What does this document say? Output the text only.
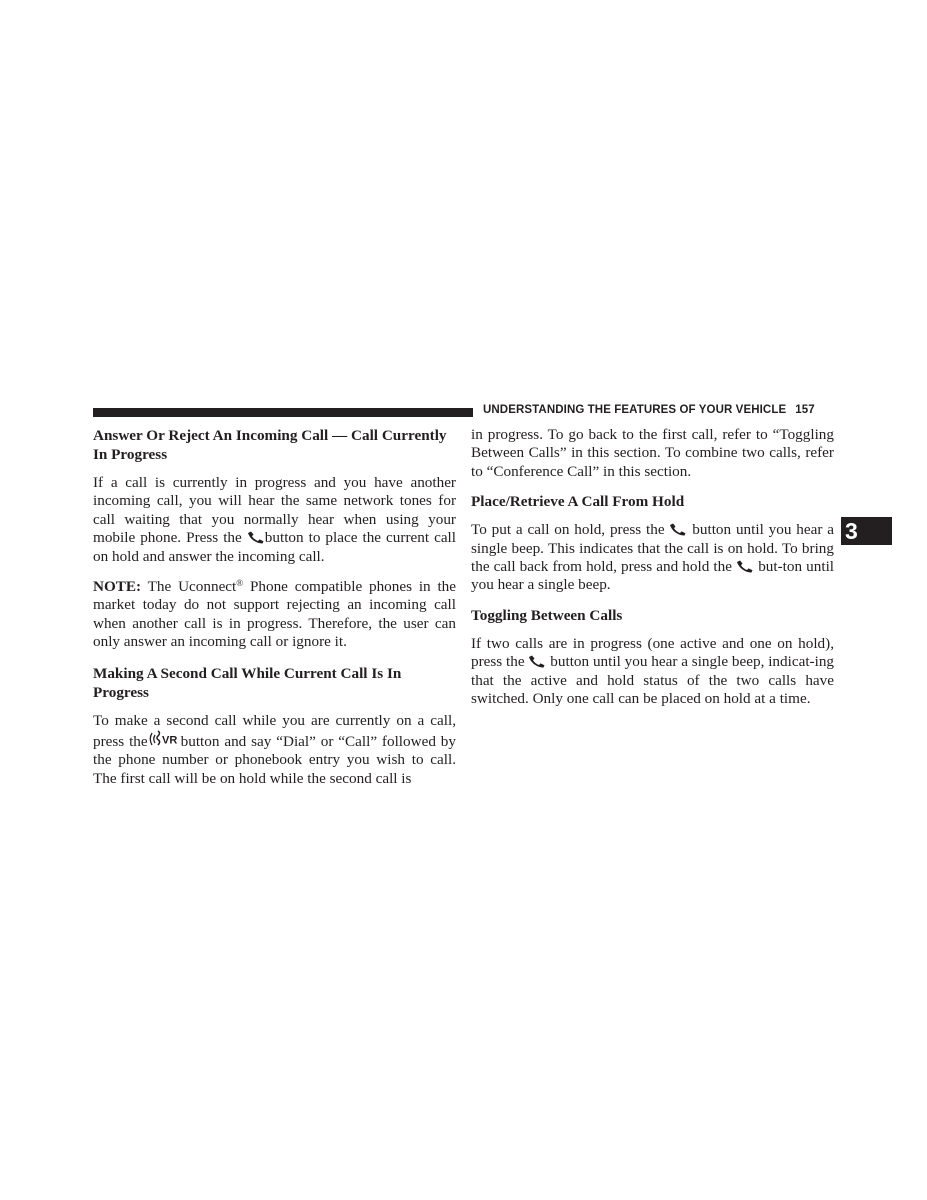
UNDERSTANDING THE FEATURES OF YOUR VEHICLE 157
3
Answer Or Reject An Incoming Call — Call Currently In Progress

If a call is currently in progress and you have another incoming call, you will hear the same network tones for call waiting that you normally hear when using your mobile phone. Press the button to place the current call on hold and answer the incoming call.

NOTE: The Uconnect® Phone compatible phones in the market today do not support rejecting an incoming call when another call is in progress. Therefore, the user can only answer an incoming call or ignore it.

Making A Second Call While Current Call Is In Progress

To make a second call while you are currently on a call, press the VR button and say “Dial” or “Call” followed by the phone number or phonebook entry you wish to call. The first call will be on hold while the second call is

in progress. To go back to the first call, refer to “Toggling Between Calls” in this section. To combine two calls, refer to “Conference Call” in this section.

Place/Retrieve A Call From Hold

To put a call on hold, press the button until you hear a single beep. This indicates that the call is on hold. To bring the call back from hold, press and hold the but-ton until you hear a single beep.

Toggling Between Calls

If two calls are in progress (one active and one on hold), press the button until you hear a single beep, indicat-ing that the active and hold status of the two calls have switched. Only one call can be placed on hold at a time.
